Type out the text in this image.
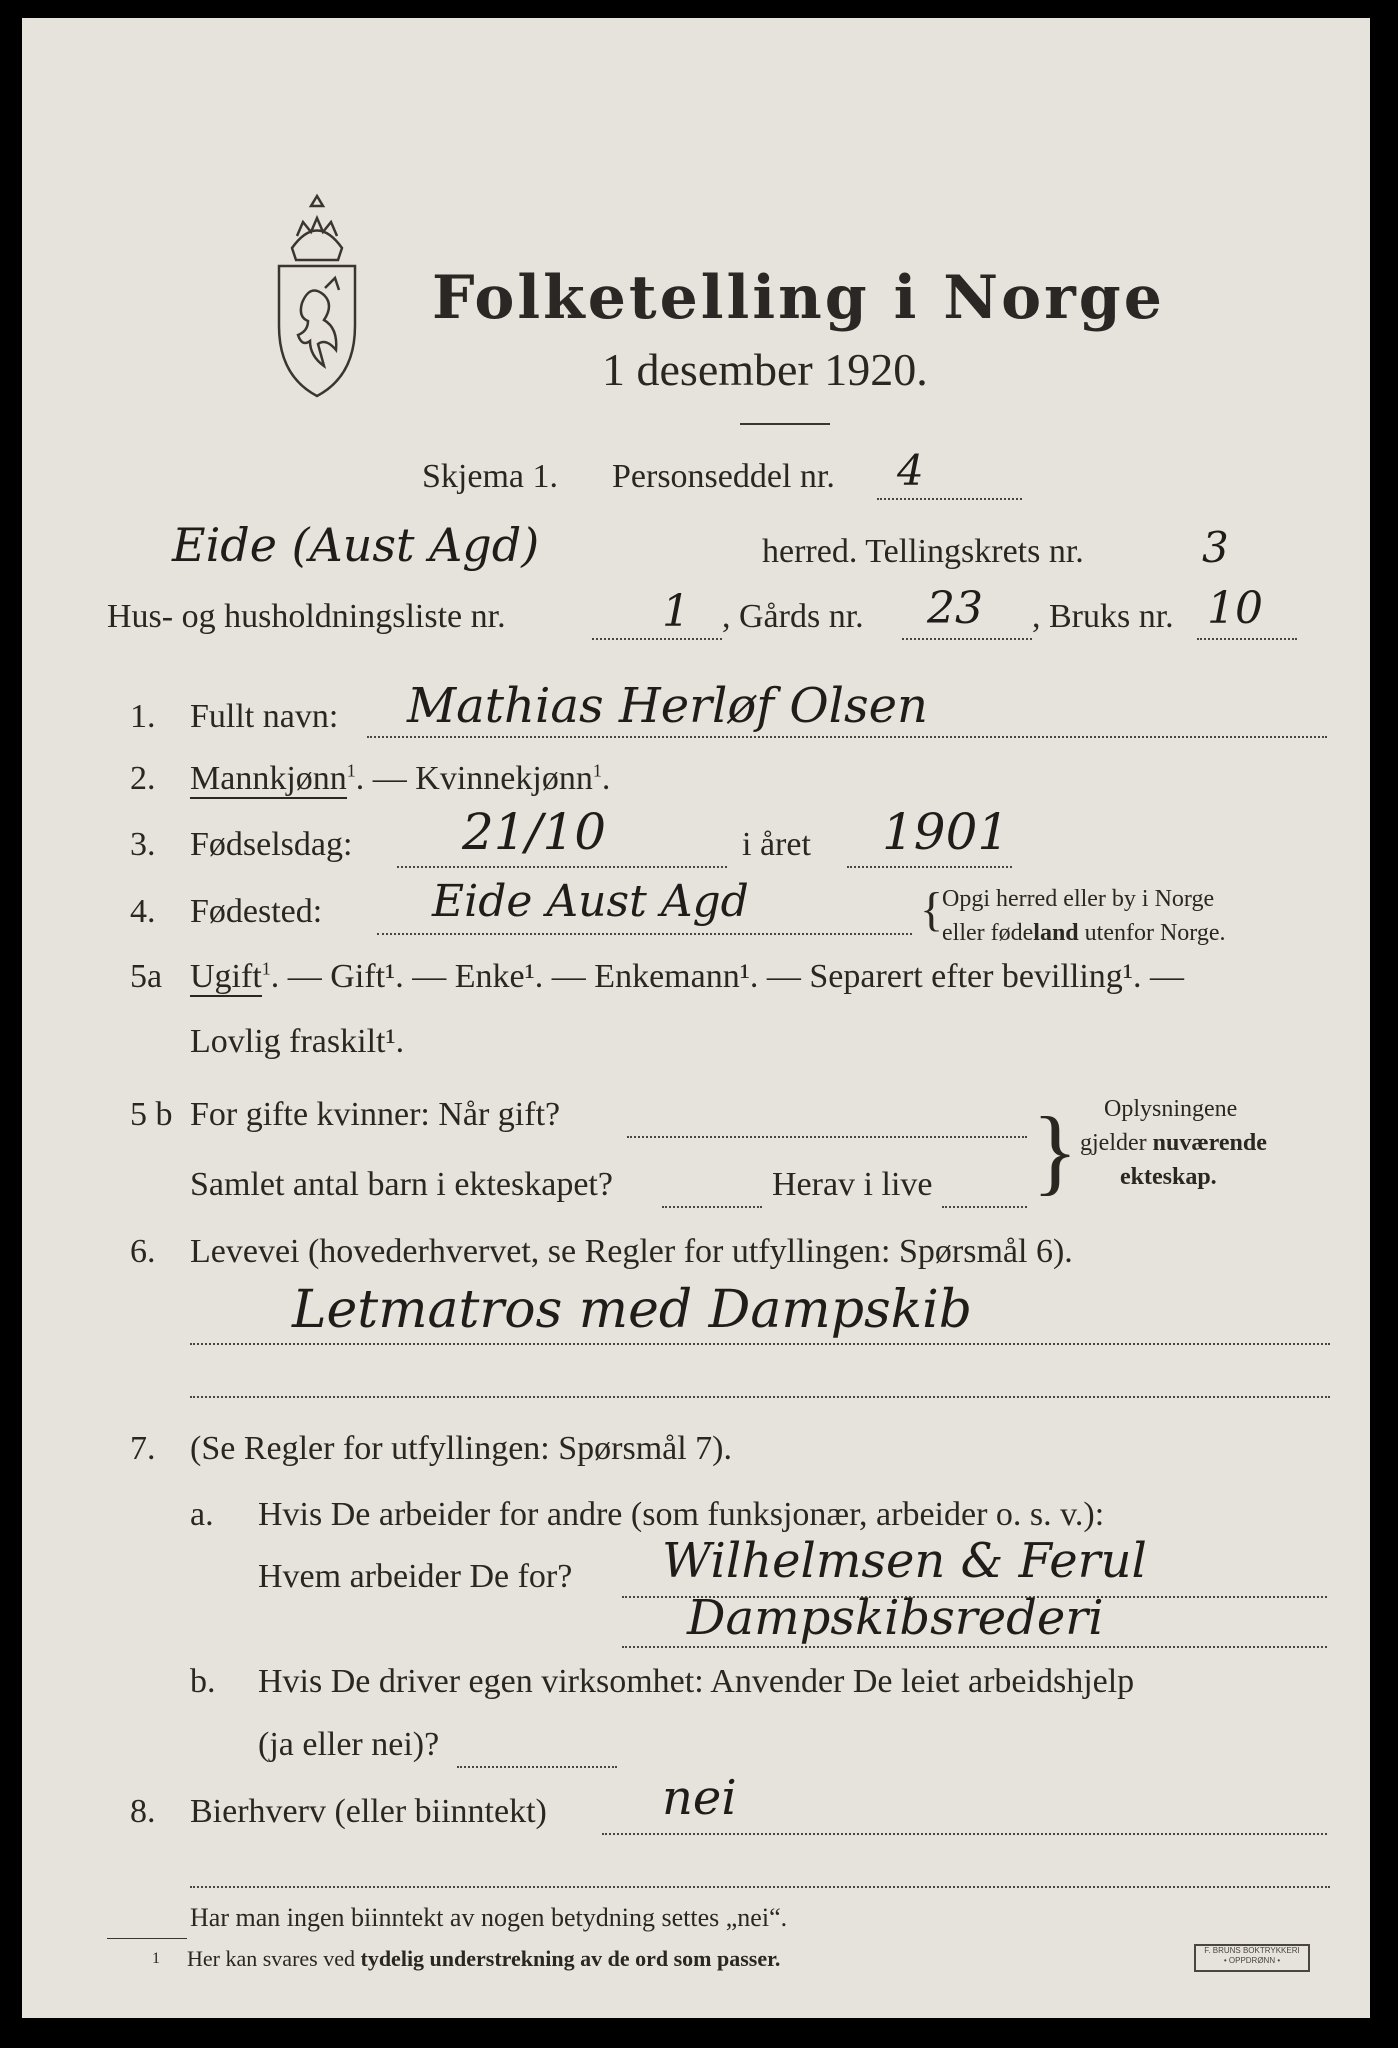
Folketelling i Norge
1 desember 1920.
Skjema 1. Personseddel nr. 4
Eide (Aust Agd)	herred. Tellingskrets nr.	3
Hus- og husholdningsliste nr.	1 , Gårds nr. 23 , Bruks nr. 10
1. Fullt navn: Mathias Herløf Olsen
2. Mannkjønn$^1$. — Kvinnekjønn$^1$.
3. Fødselsdag: 21/10	i året 1901
4. Fødested: Eide Aust Agd	{
Opgi herred eller by i Norge
eller fødeland utenfor Norge.
5a Ugift$^1$. — Gift¹. — Enke¹. — Enkemann¹. — Separert efter bevilling¹. —
Lovlig fraskilt¹.
5 b For gifte kvinner: Når gift?
Samlet antal barn i ekteskapet?	Herav i live } Oplysningene
gjelder nuværende
ekteskap.
6. Levevei (hovederhvervet, se Regler for utfyllingen: Spørsmål 6).
Letmatros med Dampskib
7. (Se Regler for utfyllingen: Spørsmål 7).
a. Hvis De arbeider for andre (som funksjonær, arbeider o. s. v.):
Hvem arbeider De for? Wilhelmsen & Ferul
Dampskibsrederi
b. Hvis De driver egen virksomhet: Anvender De leiet arbeidshjelp
(ja eller nei)?
8. Bierhverv (eller biinntekt) nei
Har man ingen biinntekt av nogen betydning settes „nei“.
1 Her kan svares ved tydelig understrekning av de ord som passer.	F. BRUNS BOKTRYKKERI
• OPPDRØNN •
